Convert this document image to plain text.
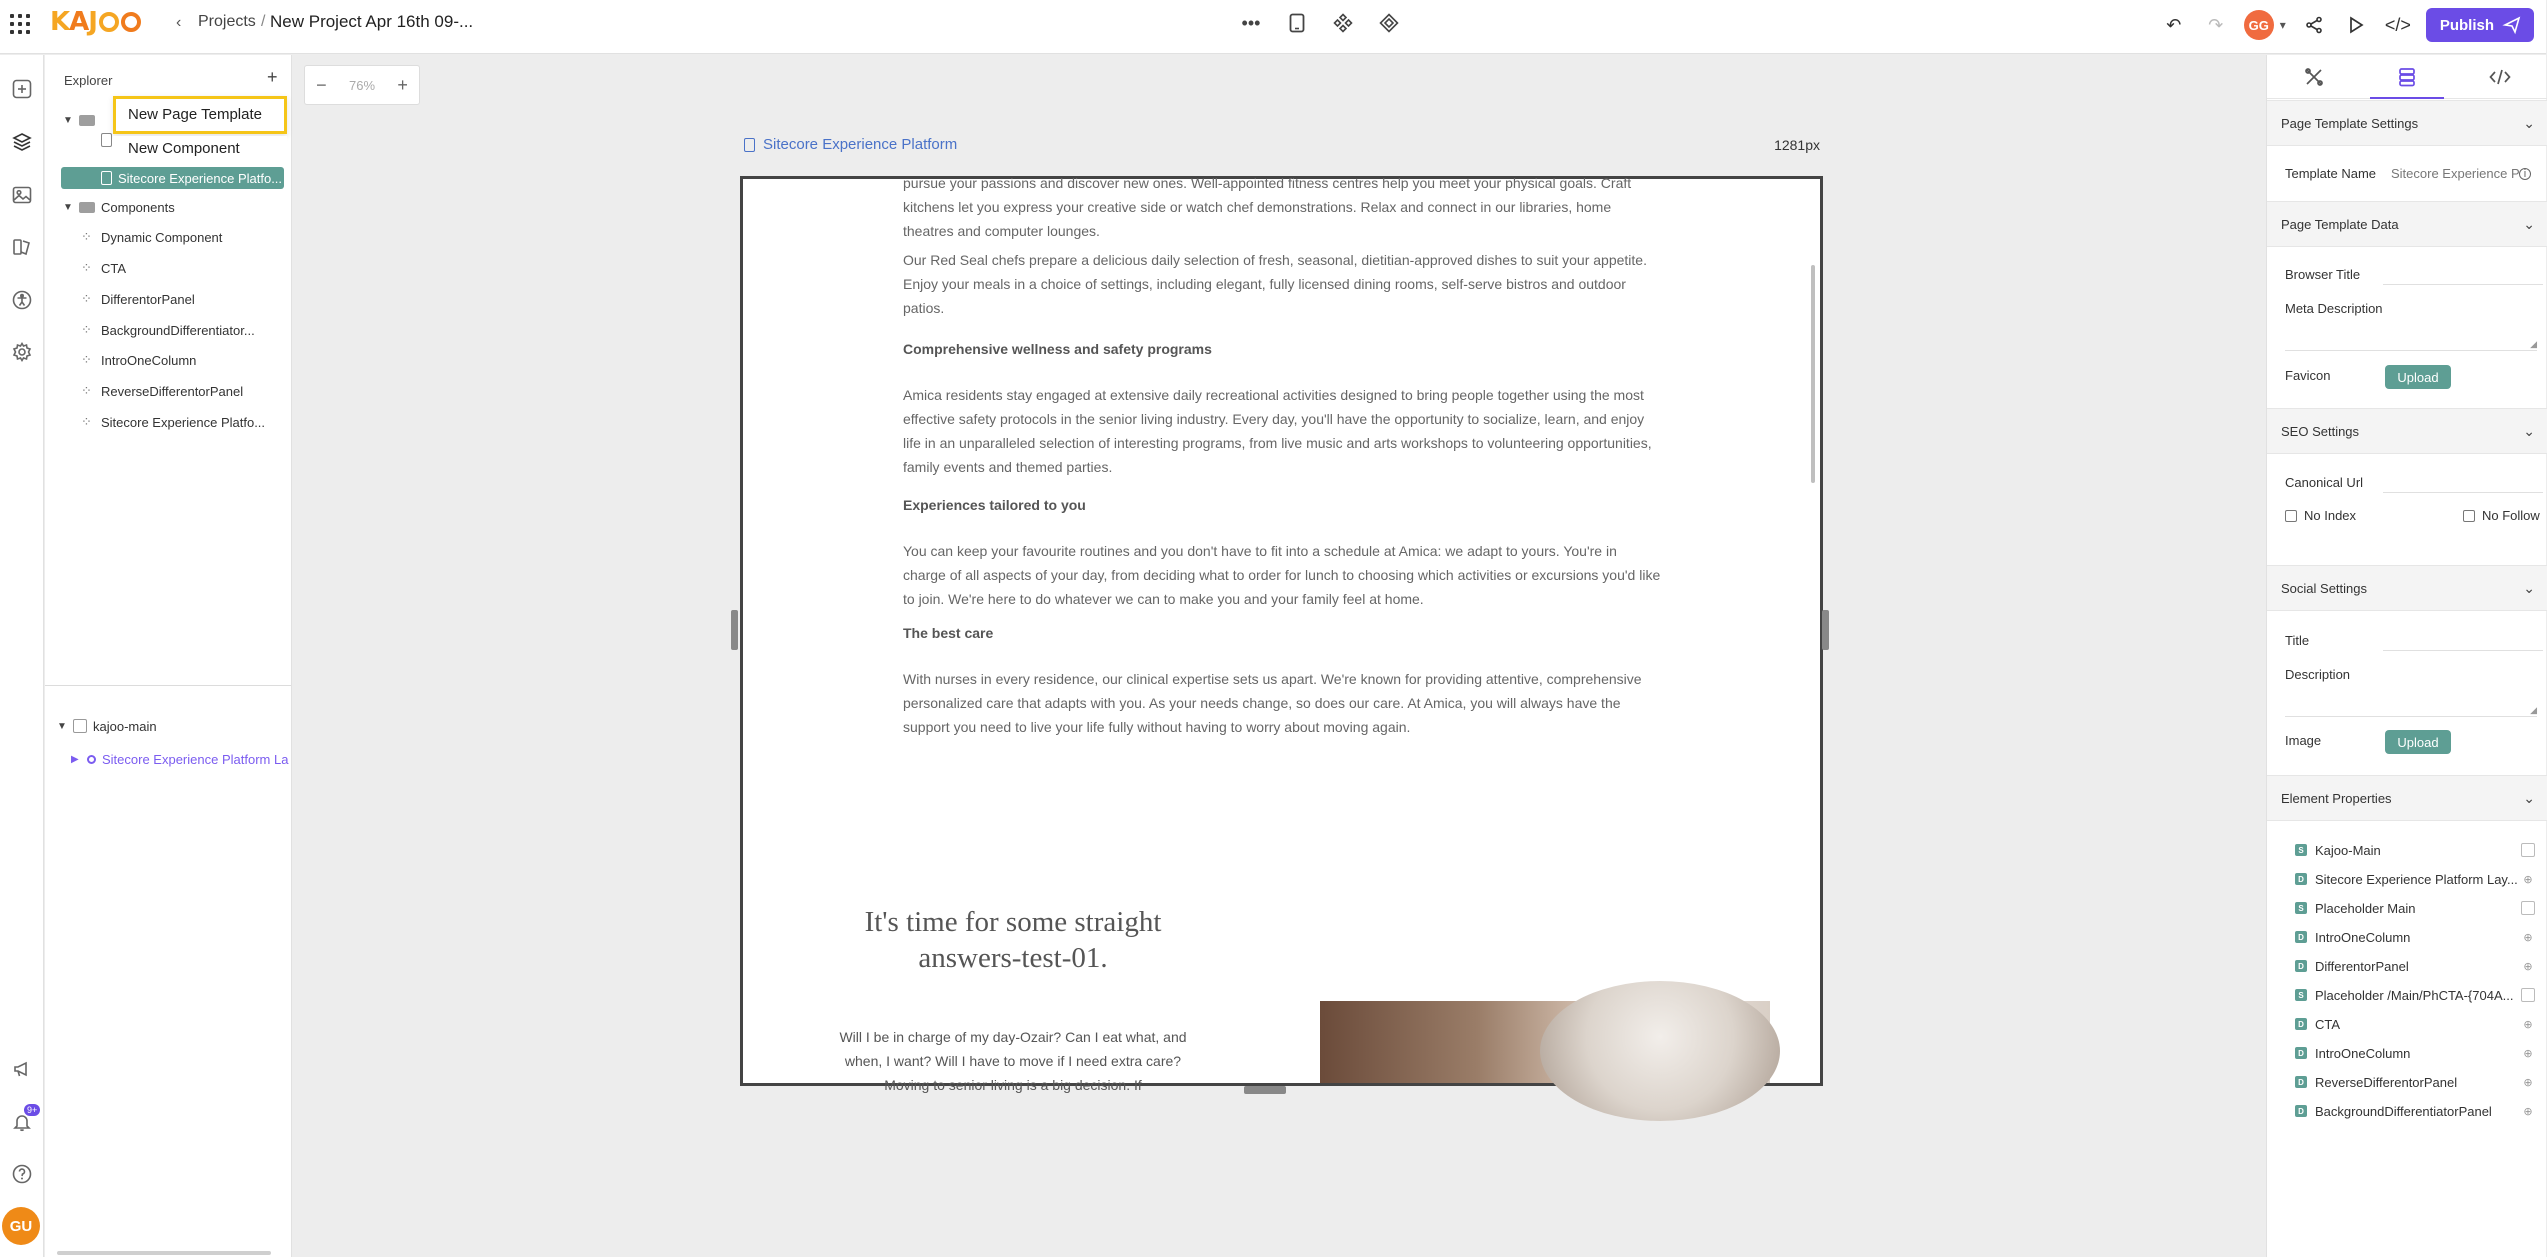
K A J	‹ Projects / New Project Apr 16th 09-...	•••	↶	↷	GG ▾	</> Publish
9+
GU
Explorer	+
▼
Sitecore Experience Platfo...
▼ Components
⁘ Dynamic Component
⁘ CTA
⁘ DifferentorPanel
⁘ BackgroundDifferentiator...
⁘ IntroOneColumn
⁘ ReverseDifferentorPanel
⁘ Sitecore Experience Platfo...
▼ kajoo-main
▶ Sitecore Experience Platform La
New Page Template
New Component
− 76% +
Sitecore Experience Platform	1281px
pursue your passions and discover new ones. Well-appointed fitness centres help you meet your physical goals. Craft kitchens let you express your creative side or watch chef demonstrations. Relax and connect in our libraries, home theatres and computer lounges.
Our Red Seal chefs prepare a delicious daily selection of fresh, seasonal, dietitian-approved dishes to suit your appetite. Enjoy your meals in a choice of settings, including elegant, fully licensed dining rooms, self-serve bistros and outdoor patios.
Comprehensive wellness and safety programs
Amica residents stay engaged at extensive daily recreational activities designed to bring people together using the most effective safety protocols in the senior living industry. Every day, you'll have the opportunity to socialize, learn, and enjoy life in an unparalleled selection of interesting programs, from live music and arts workshops to volunteering opportunities, family events and themed parties.
Experiences tailored to you
You can keep your favourite routines and you don't have to fit into a schedule at Amica: we adapt to yours. You're in charge of all aspects of your day, from deciding what to order for lunch to choosing which activities or excursions you'd like to join. We're here to do whatever we can to make you and your family feel at home.
The best care
With nurses in every residence, our clinical expertise sets us apart. We're known for providing attentive, comprehensive personalized care that adapts with you. As your needs change, so does our care. At Amica, you will always have the support you need to live your life fully without having to worry about moving again.
It's time for some straight answers-test-01.
Will I be in charge of my day-Ozair? Can I eat what, and when, I want? Will I have to move if I need extra care? Moving to senior living is a big decision. If
Page Template Settings	⌄
Template Name	Sitecore Experience P i
Page Template Data	⌄
Browser Title
Meta Description
◢
Favicon	Upload
SEO Settings	⌄
Canonical Url
No Index	No Follow
Social Settings	⌄
Title
Description
◢
Image	Upload
Element Properties	⌄
S Kajoo-Main
D Sitecore Experience Platform Lay... ⊕
S Placeholder Main
D IntroOneColumn	⊕
D DifferentorPanel	⊕
S Placeholder /Main/PhCTA-{704A...
D CTA	⊕
D IntroOneColumn	⊕
D ReverseDifferentorPanel	⊕
D BackgroundDifferentiatorPanel	⊕
